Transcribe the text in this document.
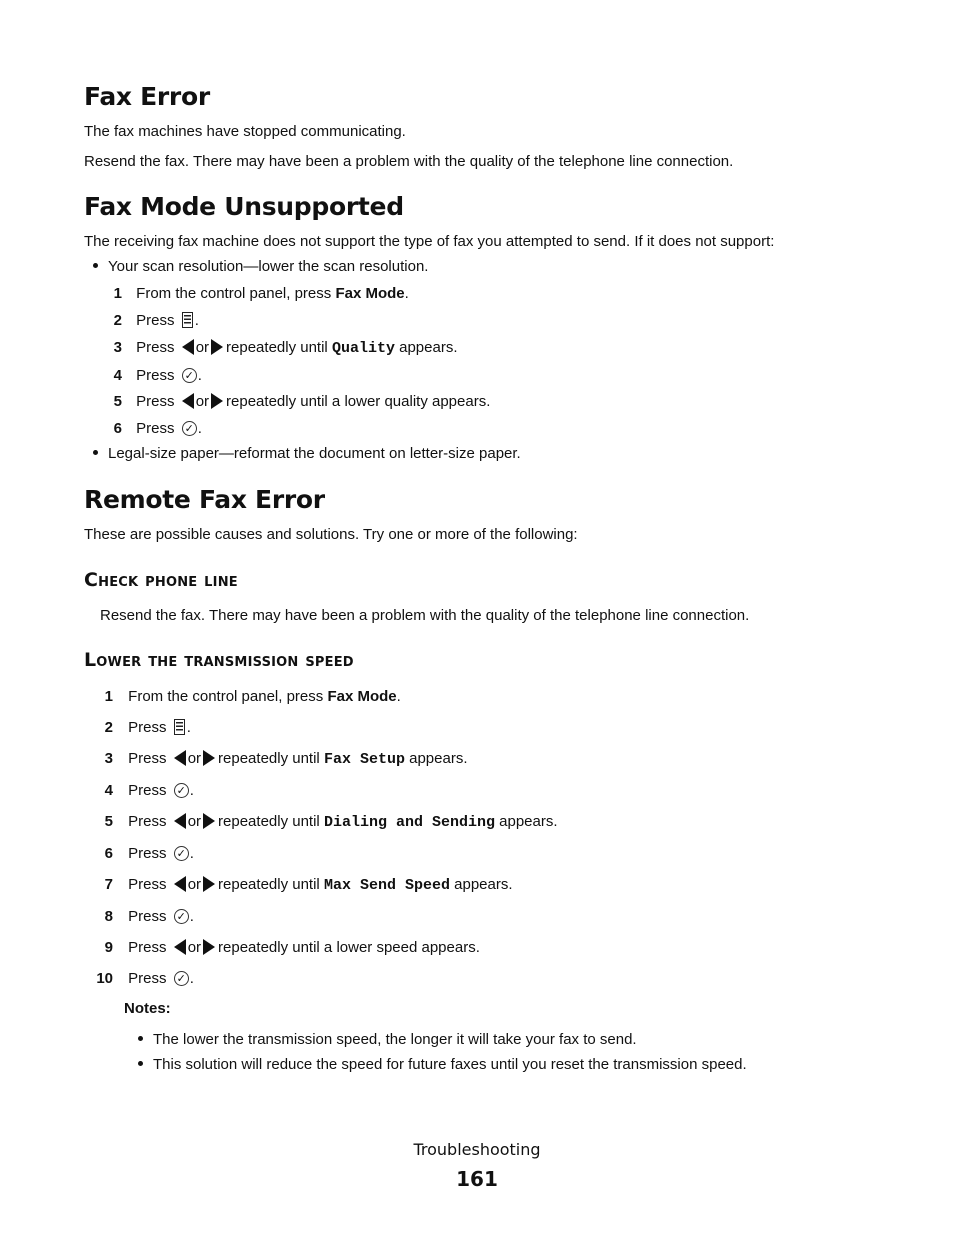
Fax Error

The fax machines have stopped communicating.

Resend the fax. There may have been a problem with the quality of the telephone line connection.

Fax Mode Unsupported

The receiving fax machine does not support the type of fax you attempted to send. If it does not support:

Your scan resolution—lower the scan resolution.
1 From the control panel, press Fax Mode.
2 Press .
3 Press or repeatedly until Quality appears.
4 Press ✓ .
5 Press or repeatedly until a lower quality appears.
6 Press ✓ .
Legal-size paper—reformat the document on letter-size paper.
Remote Fax Error

These are possible causes and solutions. Try one or more of the following:

Check phone line

Resend the fax. There may have been a problem with the quality of the telephone line connection.

Lower the transmission speed
1 From the control panel, press Fax Mode.
2 Press .
3 Press or repeatedly until Fax Setup appears.
4 Press ✓ .
5 Press or repeatedly until Dialing and Sending appears.
6 Press ✓ .
7 Press or repeatedly until Max Send Speed appears.
8 Press ✓ .
9 Press or repeatedly until a lower speed appears.
10 Press ✓ .

Notes:

The lower the transmission speed, the longer it will take your fax to send.
This solution will reduce the speed for future faxes until you reset the transmission speed.
Troubleshooting
161
